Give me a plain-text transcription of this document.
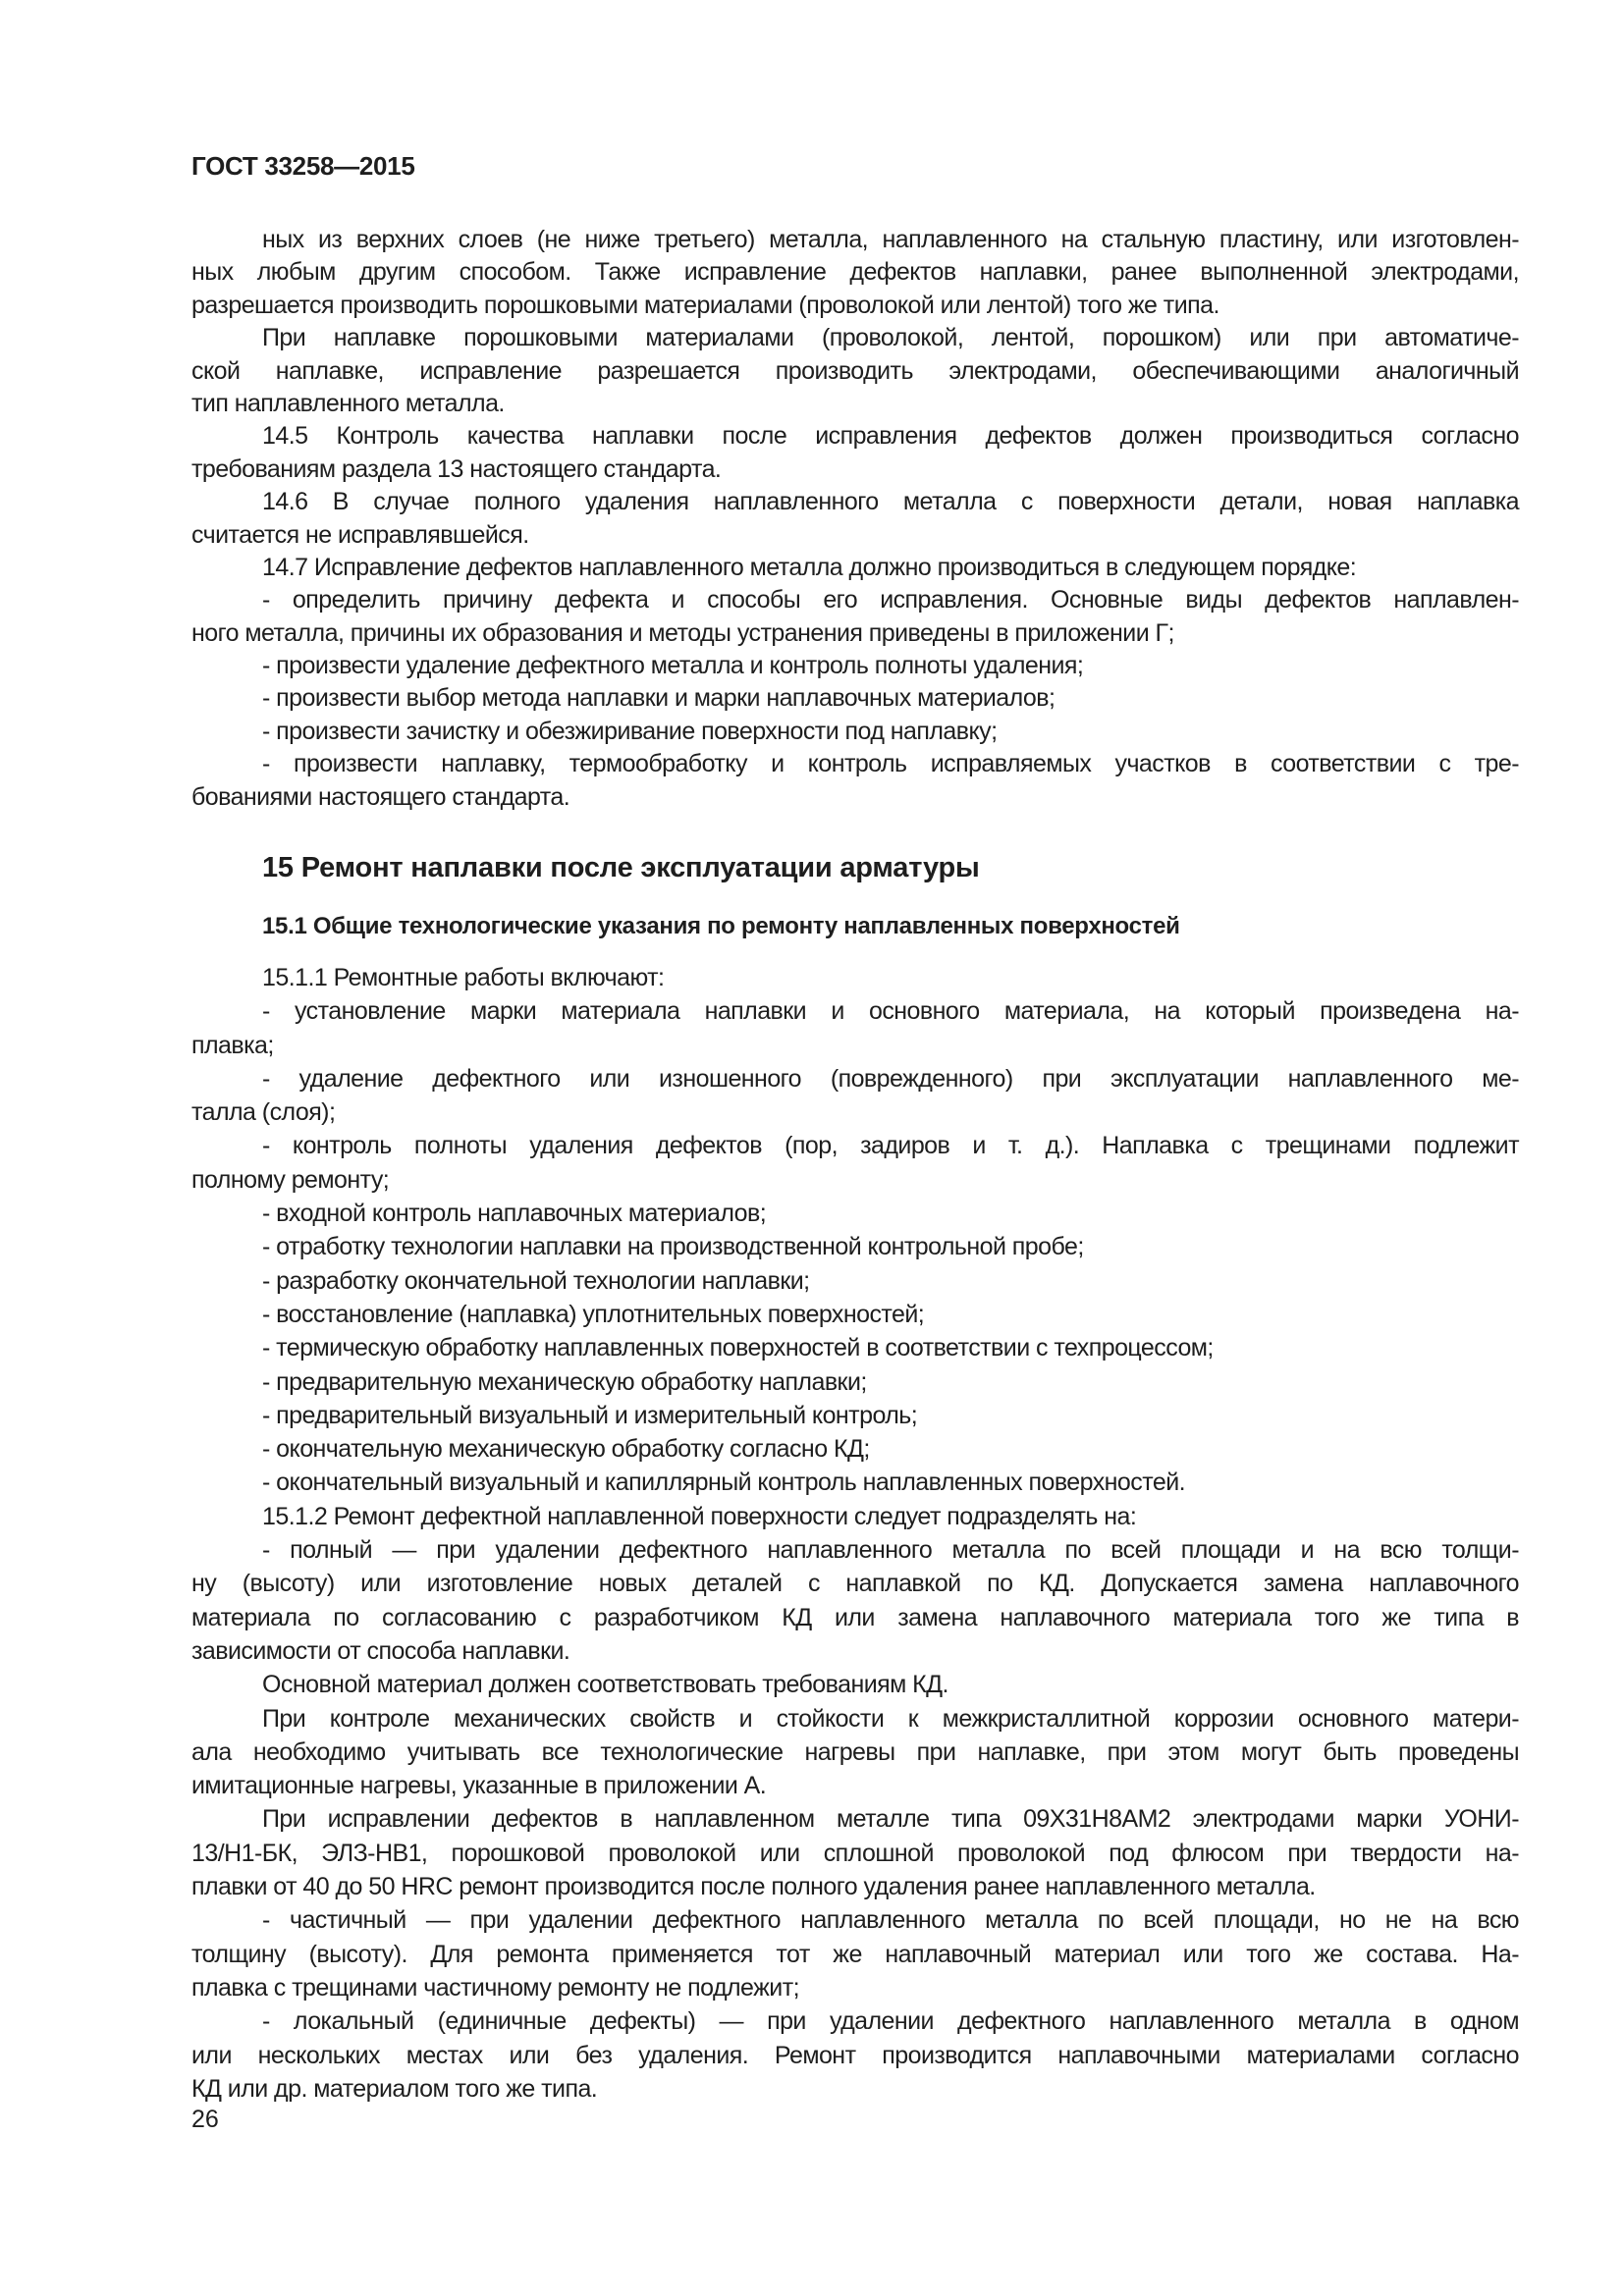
ГОСТ 33258—2015
ных из верхних слоев (не ниже третьего) металла, наплавленного на стальную пластину, или изготовлен-
ных любым другим способом. Также исправление дефектов наплавки, ранее выполненной электродами,
разрешается производить порошковыми материалами (проволокой или лентой) того же типа.
При наплавке порошковыми материалами (проволокой, лентой, порошком) или при автоматиче-
ской наплавке, исправление разрешается производить электродами, обеспечивающими аналогичный
тип наплавленного металла.
14.5 Контроль качества наплавки после исправления дефектов должен производиться согласно
требованиям раздела 13 настоящего стандарта.
14.6 В случае полного удаления наплавленного металла с поверхности детали, новая наплавка
считается не исправлявшейся.
14.7 Исправление дефектов наплавленного металла должно производиться в следующем порядке:
- определить причину дефекта и способы его исправления. Основные виды дефектов наплавлен-
ного металла, причины их образования и методы устранения приведены в приложении Г;
- произвести удаление дефектного металла и контроль полноты удаления;
- произвести выбор метода наплавки и марки наплавочных материалов;
- произвести зачистку и обезжиривание поверхности под наплавку;
- произвести наплавку, термообработку и контроль исправляемых участков в соответствии с тре-
бованиями настоящего стандарта.
15 Ремонт наплавки после эксплуатации арматуры
15.1 Общие технологические указания по ремонту наплавленных поверхностей
15.1.1 Ремонтные работы включают:
- установление марки материала наплавки и основного материала, на который произведена на-
плавка;
- удаление дефектного или изношенного (поврежденного) при эксплуатации наплавленного ме-
талла (слоя);
- контроль полноты удаления дефектов (пор, задиров и т. д.). Наплавка с трещинами подлежит
полному ремонту;
- входной контроль наплавочных материалов;
- отработку технологии наплавки на производственной контрольной пробе;
- разработку окончательной технологии наплавки;
- восстановление (наплавка) уплотнительных поверхностей;
- термическую обработку наплавленных поверхностей в соответствии с техпроцессом;
- предварительную механическую обработку наплавки;
- предварительный визуальный и измерительный контроль;
- окончательную механическую обработку согласно КД;
- окончательный визуальный и капиллярный контроль наплавленных поверхностей.
15.1.2 Ремонт дефектной наплавленной поверхности следует подразделять на:
- полный — при удалении дефектного наплавленного металла по всей площади и на всю толщи-
ну (высоту) или изготовление новых деталей с наплавкой по КД. Допускается замена наплавочного
материала по согласованию с разработчиком КД или замена наплавочного материала того же типа в
зависимости от способа наплавки.
Основной материал должен соответствовать требованиям КД.
При контроле механических свойств и стойкости к межкристаллитной коррозии основного матери-
ала необходимо учитывать все технологические нагревы при наплавке, при этом могут быть проведены
имитационные нагревы, указанные в приложении А.
При исправлении дефектов в наплавленном металле типа 09Х31Н8АМ2 электродами марки УОНИ-
13/Н1-БК, ЭЛЗ-НВ1, порошковой проволокой или сплошной проволокой под флюсом при твердости на-
плавки от 40 до 50 HRC ремонт производится после полного удаления ранее наплавленного металла.
- частичный — при удалении дефектного наплавленного металла по всей площади, но не на всю
толщину (высоту). Для ремонта применяется тот же наплавочный материал или того же состава. На-
плавка с трещинами частичному ремонту не подлежит;
- локальный (единичные дефекты) — при удалении дефектного наплавленного металла в одном
или нескольких местах или без удаления. Ремонт производится наплавочными материалами согласно
КД или др. материалом того же типа.
26
